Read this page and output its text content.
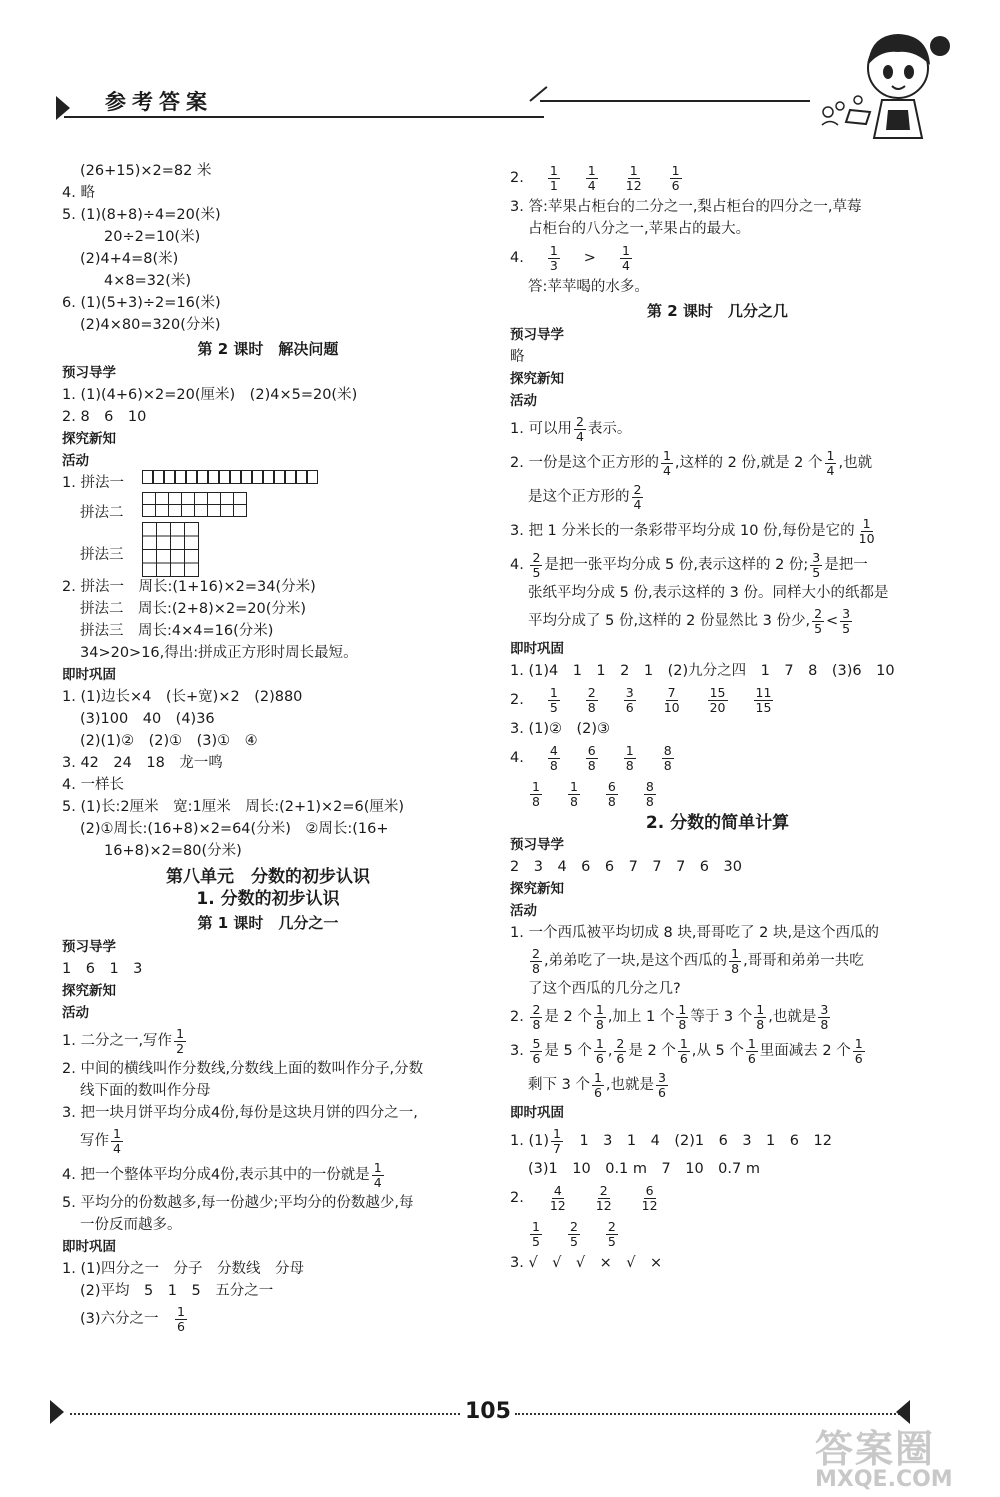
参考答案
(26+15)×2=82 米
4. 略
5. (1)(8+8)÷4=20(米)
20÷2=10(米)
(2)4+4=8(米)
4×8=32(米)
6. (1)(5+3)÷2=16(米)
(2)4×80=320(分米)
第 2 课时　解决问题
预习导学
1. (1)(4+6)×2=20(厘米)　(2)4×5=20(米)
2. 8　6　10
探究新知
活动
1. 拼法一
拼法二
拼法三
2. 拼法一　周长:(1+16)×2=34(分米)
拼法二　周长:(2+8)×2=20(分米)
拼法三　周长:4×4=16(分米)
34>20>16,得出:拼成正方形时周长最短。
即时巩固
1. (1)边长×4　(长+宽)×2　(2)880
(3)100　40　(4)36
(2)(1)②　(2)①　(3)①　④
3. 42　24　18　龙一鸣
4. 一样长
5. (1)长:2厘米　宽:1厘米　周长:(2+1)×2=6(厘米)
(2)①周长:(16+8)×2=64(分米)　②周长:(16+
16+8)×2=80(分米)
第八单元　分数的初步认识
1. 分数的初步认识
第 1 课时　几分之一
预习导学
1　6　1　3
探究新知
活动
1. 二分之一,写作 $\frac{1}{2}$
2. 中间的横线叫作分数线,分数线上面的数叫作分子,分数
线下面的数叫作分母
3. 把一块月饼平均分成4份,每份是这块月饼的四分之一,
写作 $\frac{1}{4}$
4. 把一个整体平均分成4份,表示其中的一份就是 $\frac{1}{4}$
5. 平均分的份数越多,每一份越少;平均分的份数越少,每
一份反而越多。
即时巩固
1. (1)四分之一　分子　分数线　分母
(2)平均　5　1　5　五分之一
(3)六分之一
　 $\frac{1}{6}$
2. $\frac{1}{1} \frac{1}{4} \frac{1}{12} \frac{1}{6}$
3. 答:苹果占柜台的二分之一,梨占柜台的四分之一,草莓
占柜台的八分之一,苹果占的最大。
4. $\frac{1}{3} > \frac{1}{4}$
答:苹苹喝的水多。
第 2 课时　几分之几
预习导学
略
探究新知
活动
1. 可以用 $\frac{2}{4}$ 表示。
2. 一份是这个正方形的 $\frac{1}{4}$ ,这样的 2 份,就是 2 个 $\frac{1}{4}$ ,也就
是这个正方形的 $\frac{2}{4}$
3. 把 1 分米长的一条彩带平均分成 10 份,每份是它的 $\frac{1}{10}$
4. $\frac{2}{5}$ 是把一张平均分成 5 份,表示这样的 2 份; $\frac{3}{5}$ 是把一
张纸平均分成 5 份,表示这样的 3 份。同样大小的纸都是
平均分成了 5 份,这样的 2 份显然比 3 份少, $\frac{2}{5} < \frac{3}{5}$
即时巩固
1. (1)4　1　1　2　1　(2)九分之四　1　7　8　(3)6　10
2. $\frac{1}{5} \frac{2}{8} \frac{3}{6} \frac{7}{10} \frac{15}{20} \frac{11}{15}$
3. (1)②　(2)③
4. $\frac{4}{8} \frac{6}{8} \frac{1}{8} \frac{8}{8}$
$\frac{1}{8} \frac{1}{8} \frac{6}{8} \frac{8}{8}$
2. 分数的简单计算
预习导学
2　3　4　6　6　7　7　7　6　30
探究新知
活动
1. 一个西瓜被平均切成 8 块,哥哥吃了 2 块,是这个西瓜的
$\frac{2}{8}$ ,弟弟吃了一块,是这个西瓜的 $\frac{1}{8}$ ,哥哥和弟弟一共吃
了这个西瓜的几分之几?
2. $\frac{2}{8}$ 是 2 个 $\frac{1}{8}$ ,加上 1 个 $\frac{1}{8}$ 等于 3 个 $\frac{1}{8}$ ,也就是 $\frac{3}{8}$
3. $\frac{5}{6}$ 是 5 个 $\frac{1}{6}$ , $\frac{2}{6}$ 是 2 个 $\frac{1}{6}$ ,从 5 个 $\frac{1}{6}$ 里面减去 2 个 $\frac{1}{6}$
剩下 3 个 $\frac{1}{6}$ ,也就是 $\frac{3}{6}$
即时巩固
1. $(1) \frac{1}{7}$
　 1　3　1　4　(2)1　6　3　1　6　12
(3)1　10　0.1 m　7　10　0.7 m
2. $\frac{4}{12} \frac{2}{12} \frac{6}{12}$
$\frac{1}{5} \frac{2}{5} \frac{2}{5}$
3. √　√　√　×　√　×
105
答案圈
MXQE.COM
